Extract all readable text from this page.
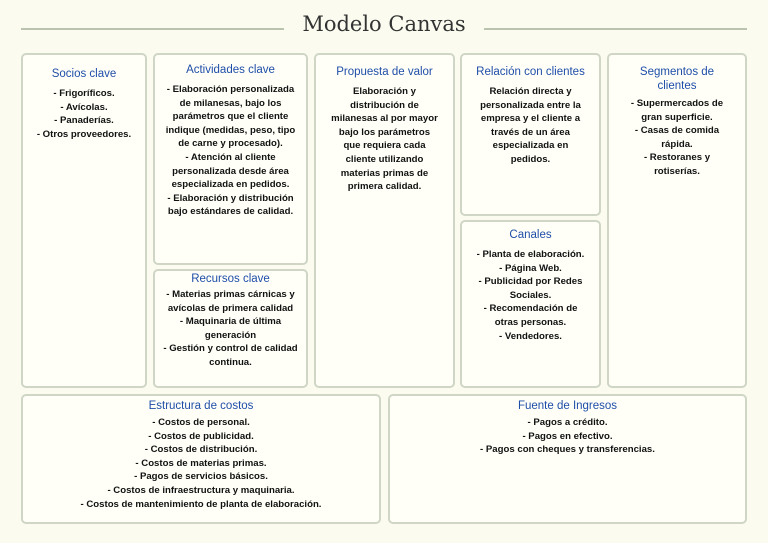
Modelo Canvas
Socios clave
- Frigoríficos.
- Avícolas.
- Panaderías.
- Otros proveedores.
Actividades clave
- Elaboración personalizada de milanesas, bajo los parámetros que el cliente indique (medidas, peso, tipo de carne y procesado).
- Atención al cliente personalizada desde área especializada en pedidos.
- Elaboración y distribución bajo estándares de calidad.
Recursos clave
- Materias primas cárnicas y avícolas de primera calidad
- Maquinaria de última generación
- Gestión y control de calidad continua.
Propuesta de valor
Elaboración y distribución de milanesas al por mayor bajo los parámetros que requiera cada cliente utilizando materias primas de primera calidad.
Relación con clientes
Relación directa y personalizada entre la empresa y el cliente a través de un área especializada en pedidos.
Canales
- Planta de elaboración.
- Página Web.
- Publicidad por Redes Sociales.
- Recomendación de otras personas.
- Vendedores.
Segmentos de clientes
- Supermercados de gran superficie.
- Casas de comida rápida.
- Restoranes y rotiserías.
Estructura de costos
- Costos de personal.
- Costos de publicidad.
- Costos de distribución.
- Costos de materias primas.
- Pagos de servicios básicos.
- Costos de infraestructura y maquinaria.
- Costos de mantenimiento de planta de elaboración.
Fuente de Ingresos
- Pagos a crédito.
- Pagos en efectivo.
- Pagos con cheques y transferencias.
